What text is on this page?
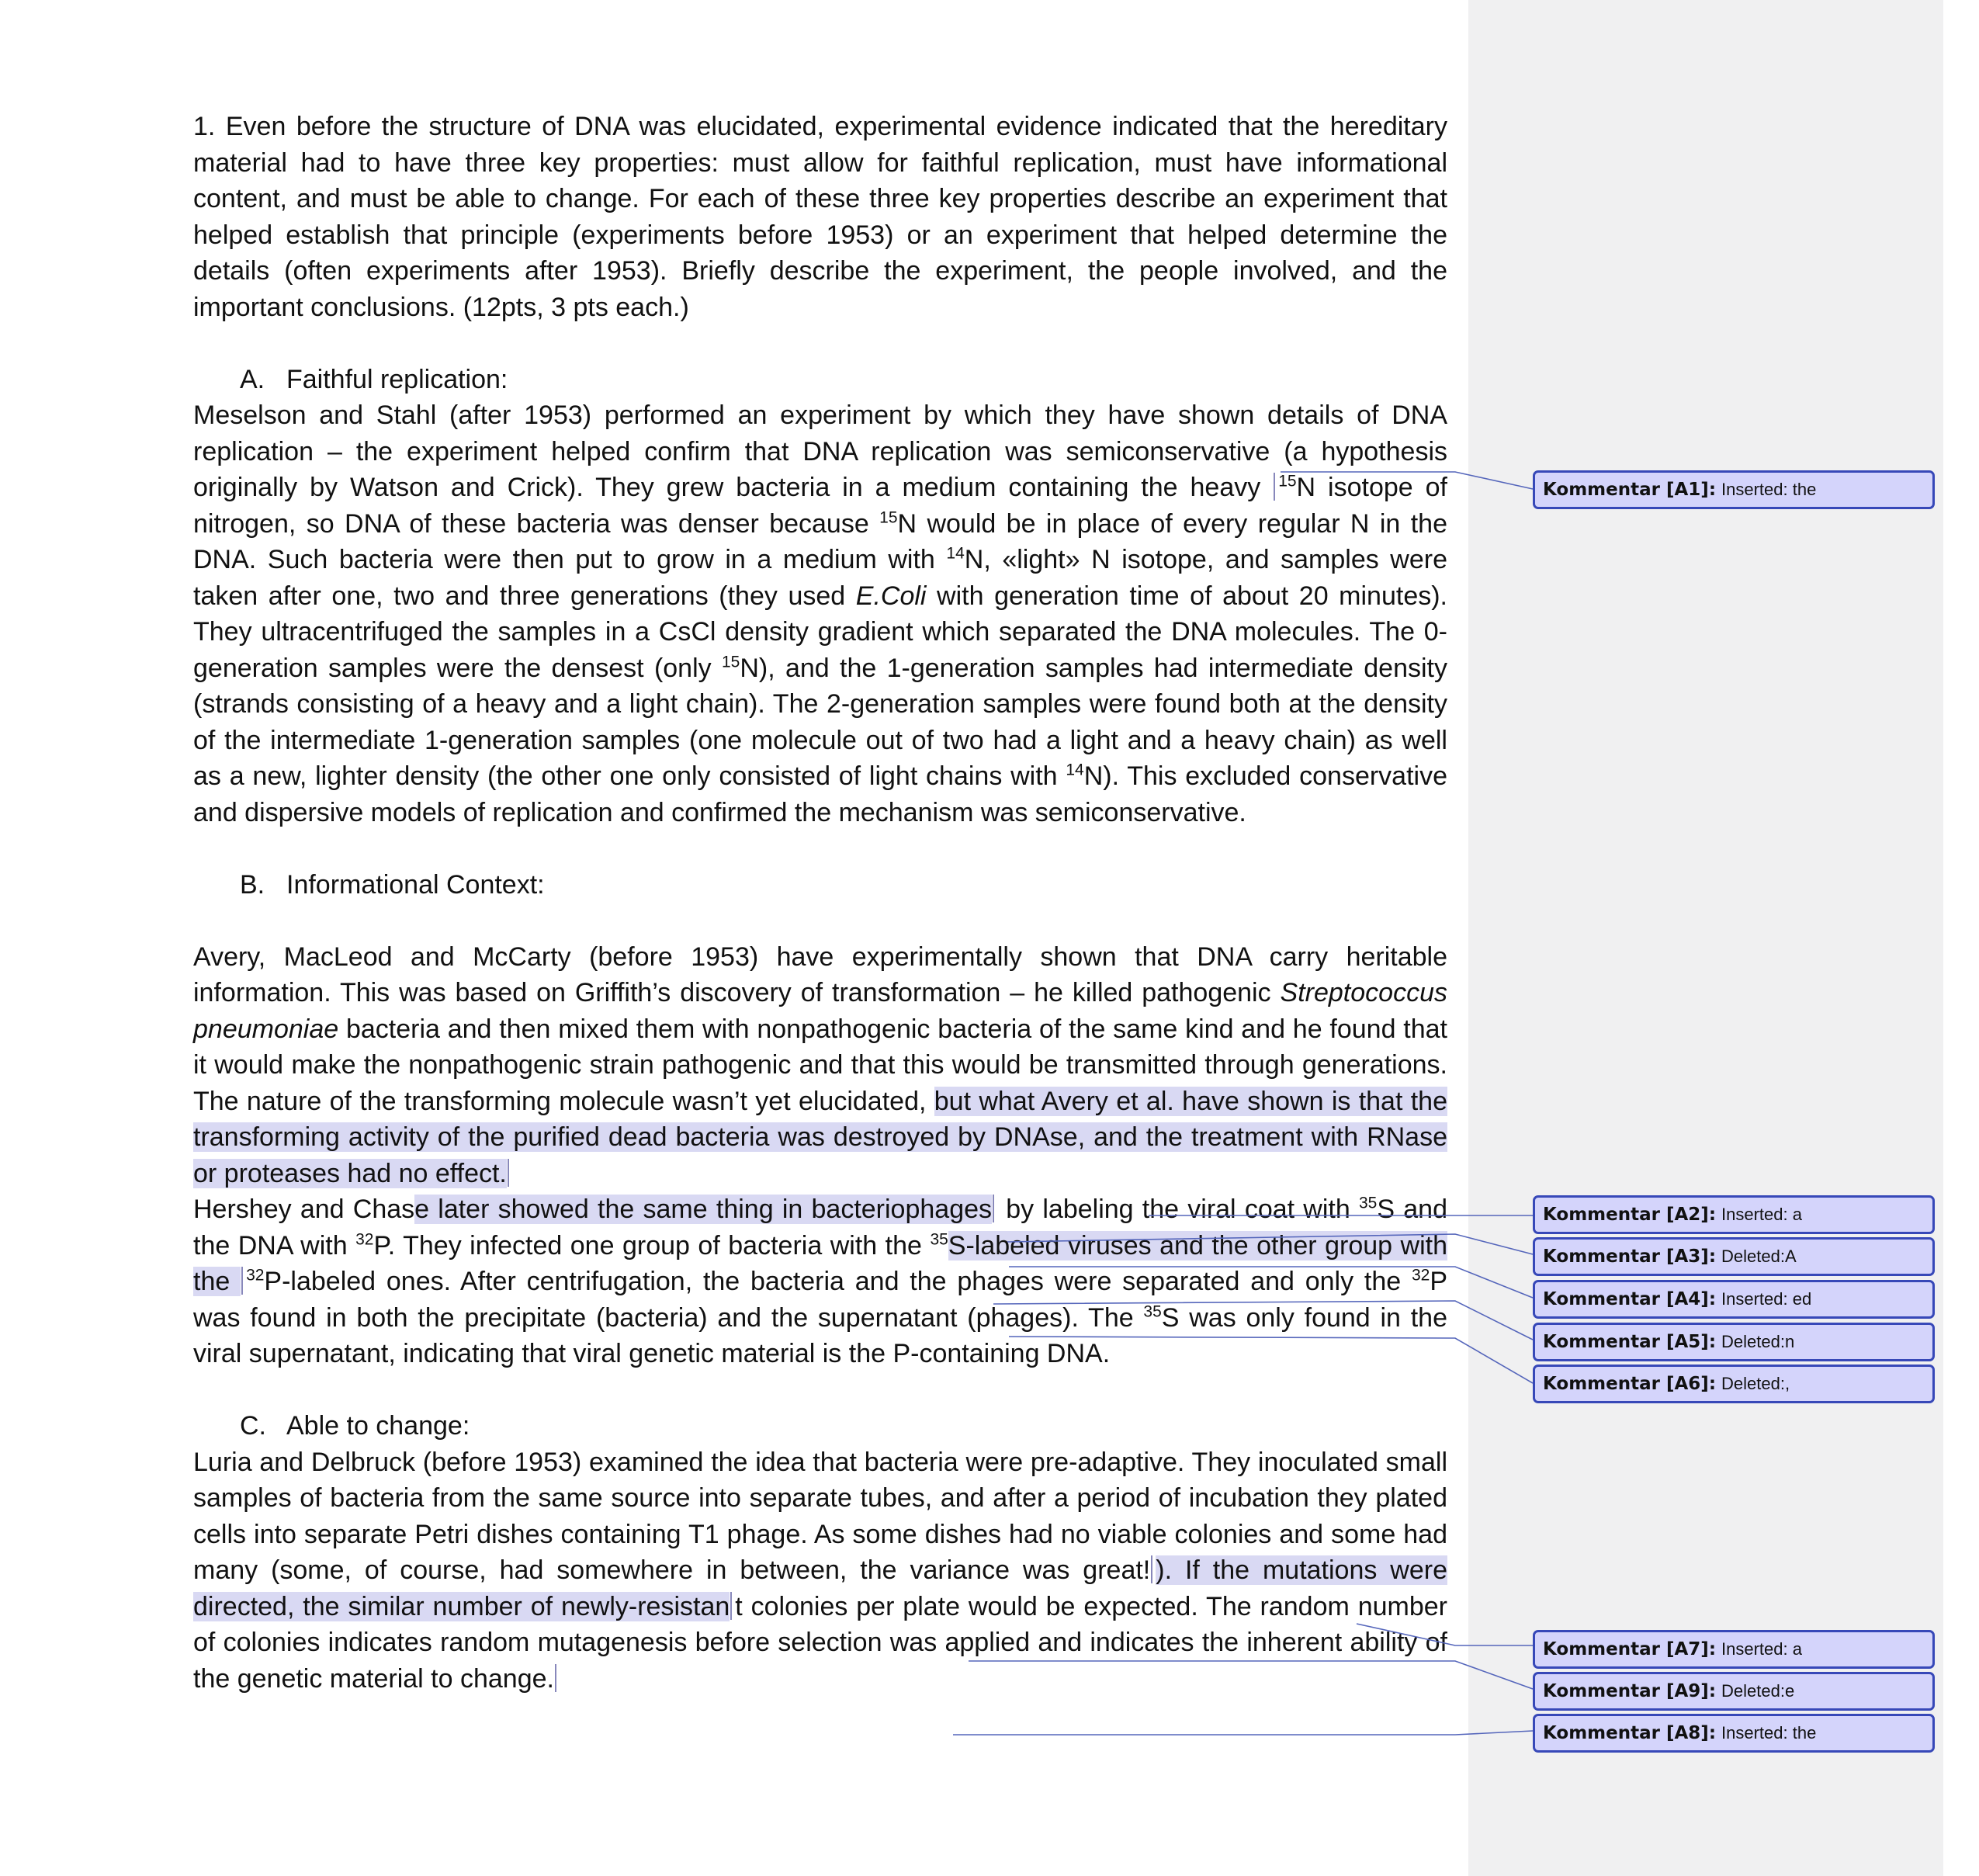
1. Even before the structure of DNA was elucidated, experimental evidence indicated that the hereditary material had to have three key properties: must allow for faithful replication, must have informational content, and must be able to change. For each of these three key properties describe an experiment that helped establish that principle (experiments before 1953) or an experiment that helped determine the details (often experiments after 1953). Briefly describe the experiment, the people involved, and the important conclusions. (12pts, 3 pts each.)

A. Faithful replication:

Meselson and Stahl (after 1953) performed an experiment by which they have shown details of DNA replication – the experiment helped confirm that DNA replication was semiconservative (a hypothesis originally by Watson and Crick). They grew bacteria in a medium containing the heavy $^{15}$N isotope of nitrogen, so DNA of these bacteria was denser because $^{15}$N would be in place of every regular N in the DNA. Such bacteria were then put to grow in a medium with $^{14}$N, «light» N isotope, and samples were taken after one, two and three generations (they used E.Coli with generation time of about 20 minutes). They ultracentrifuged the samples in a CsCl density gradient which separated the DNA molecules. The 0-generation samples were the densest (only $^{15}$N), and the 1-generation samples had intermediate density (strands consisting of a heavy and a light chain). The 2-generation samples were found both at the density of the intermediate 1-generation samples (one molecule out of two had a light and a heavy chain) as well as a new, lighter density (the other one only consisted of light chains with $^{14}$N). This excluded conservative and dispersive models of replication and confirmed the mechanism was semiconservative.

B. Informational Context:

Avery, MacLeod and McCarty (before 1953) have experimentally shown that DNA carry heritable information. This was based on Griffith’s discovery of transformation – he killed pathogenic Streptococcus pneumoniae bacteria and then mixed them with nonpathogenic bacteria of the same kind and he found that it would make the nonpathogenic strain pathogenic and that this would be transmitted through generations. The nature of the transforming molecule wasn’t yet elucidated, but what Avery et al. have shown is that the transforming activity of the purified dead bacteria was destroyed by DNAse, and the treatment with RNase or proteases had no effect.

Hershey and Chase later showed the same thing in bacteriophages by labeling the viral coat with $^{35}$S and the DNA with $^{32}$P. They infected one group of bacteria with the $^{35}$S-labeled viruses and the other group with the $^{32}$P-labeled ones. After centrifugation, the bacteria and the phages were separated and only the $^{32}$P was found in both the precipitate (bacteria) and the supernatant (phages). The $^{35}$S was only found in the viral supernatant, indicating that viral genetic material is the P-containing DNA.

C. Able to change:

Luria and Delbruck (before 1953) examined the idea that bacteria were pre-adaptive. They inoculated small samples of bacteria from the same source into separate tubes, and after a period of incubation they plated cells into separate Petri dishes containing T1 phage. As some dishes had no viable colonies and some had many (some, of course, had somewhere in between, the variance was great! ). If the mutations were directed, the similar number of newly-resistan t colonies per plate would be expected. The random number of colonies indicates random mutagenesis before selection was applied and indicates the inherent ability of the genetic material to change.

Kommentar [A1]: Inserted: the
Kommentar [A2]: Inserted: a
Kommentar [A3]: Deleted:A
Kommentar [A4]: Inserted: ed
Kommentar [A5]: Deleted:n
Kommentar [A6]: Deleted:,
Kommentar [A7]: Inserted: a
Kommentar [A9]: Deleted:e
Kommentar [A8]: Inserted: the
